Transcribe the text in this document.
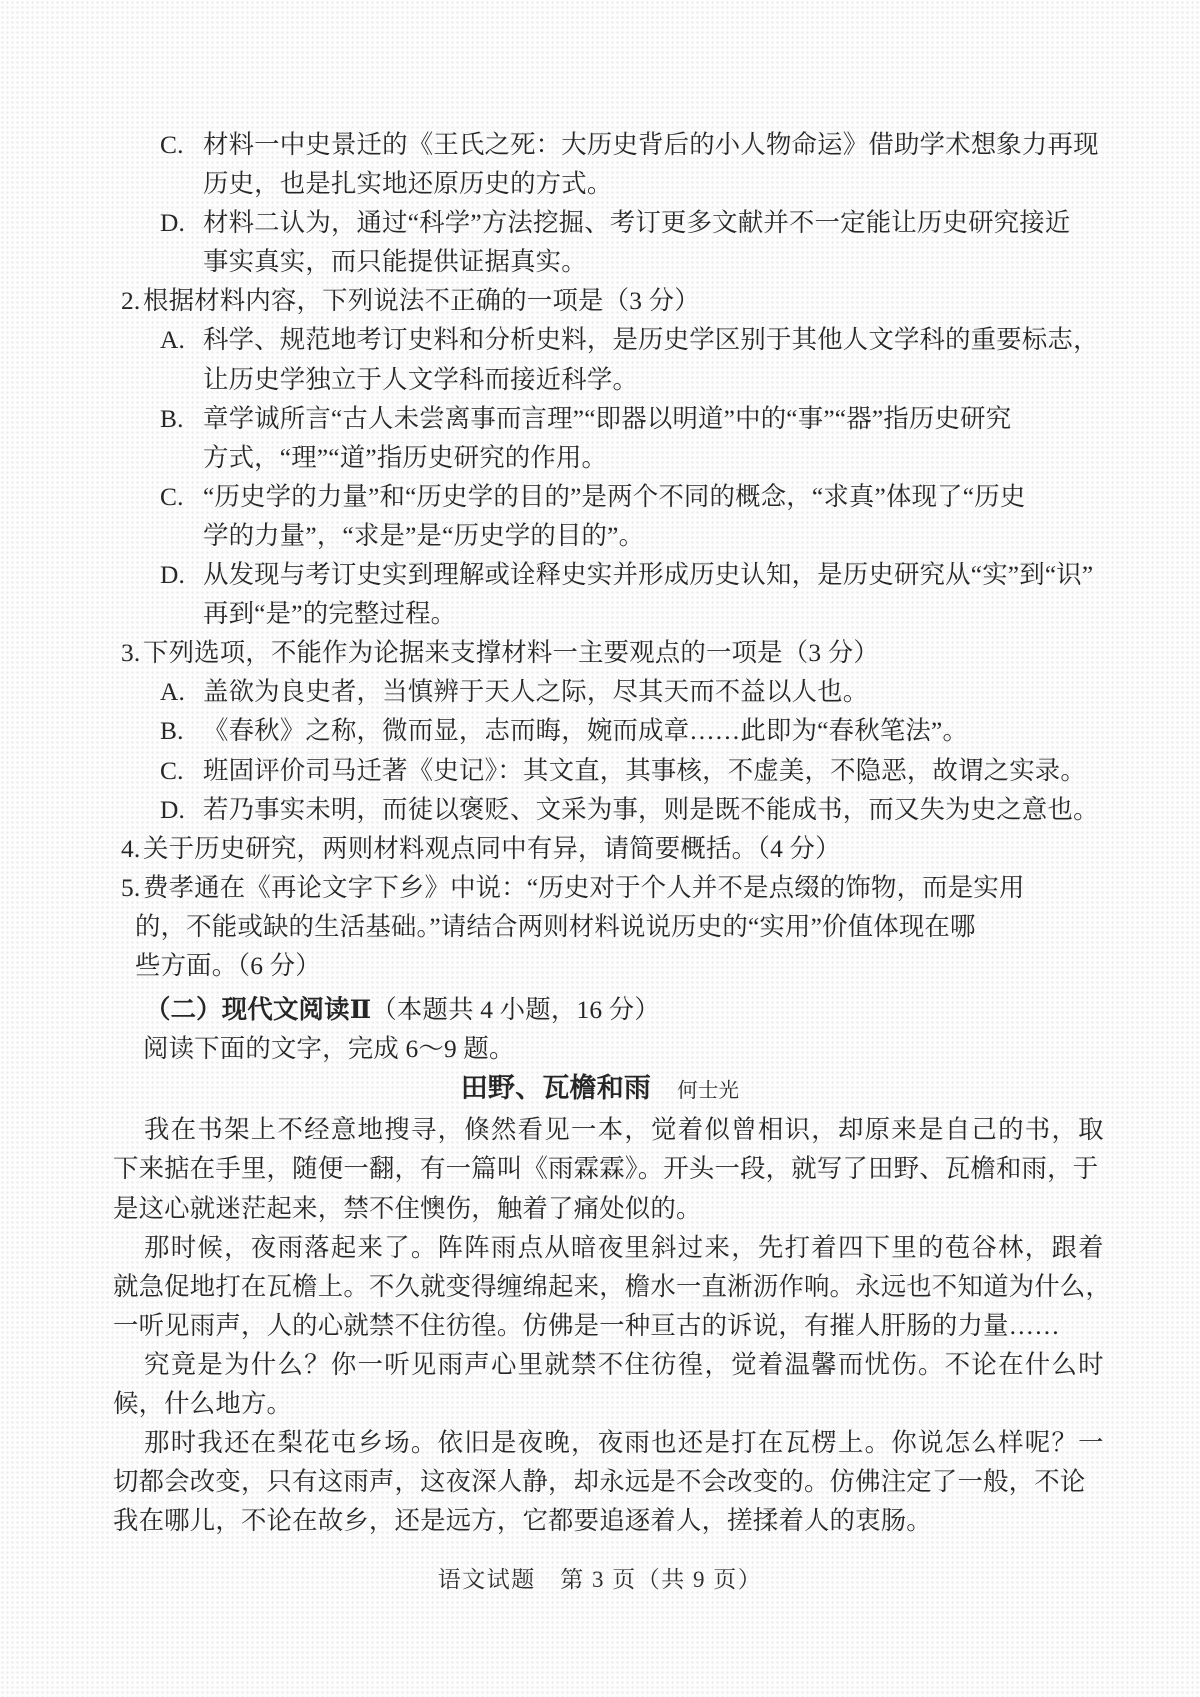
C. 材料一中史景迁的《王氏之死：大历史背后的小人物命运》借助学术想象力再现
历史，也是扎实地还原历史的方式。
D. 材料二认为，通过“科学”方法挖掘、考订更多文献并不一定能让历史研究接近
事实真实，而只能提供证据真实。
2. 根据材料内容，下列说法不正确的一项是（3 分）
A. 科学、规范地考订史料和分析史料，是历史学区别于其他人文学科的重要标志，
让历史学独立于人文学科而接近科学。
B. 章学诚所言“古人未尝离事而言理”“即器以明道”中的“事”“器”指历史研究
方式，“理”“道”指历史研究的作用。
C. “历史学的力量”和“历史学的目的”是两个不同的概念，“求真”体现了“历史
学的力量”，“求是”是“历史学的目的”。
D. 从发现与考订史实到理解或诠释史实并形成历史认知，是历史研究从“实”到“识”
再到“是”的完整过程。
3. 下列选项，不能作为论据来支撑材料一主要观点的一项是（3 分）
A. 盖欲为良史者，当慎辨于天人之际，尽其天而不益以人也。
B. 《春秋》之称，微而显，志而晦，婉而成章……此即为“春秋笔法”。
C. 班固评价司马迁著《史记》：其文直，其事核，不虚美，不隐恶，故谓之实录。
D. 若乃事实未明，而徒以褒贬、文采为事，则是既不能成书，而又失为史之意也。
4. 关于历史研究，两则材料观点同中有异，请简要概括。（4 分）
5. 费孝通在《再论文字下乡》中说：“历史对于个人并不是点缀的饰物，而是实用
的，不能或缺的生活基础。”请结合两则材料说说历史的“实用”价值体现在哪
些方面。（6 分）
（二）现代文阅读Ⅱ（本题共 4 小题，16 分）
阅读下面的文字，完成 6～9 题。
田野、瓦檐和雨 何士光
我在书架上不经意地搜寻，倏然看见一本，觉着似曾相识，却原来是自己的书，取
下来掂在手里，随便一翻，有一篇叫《雨霖霖》。开头一段，就写了田野、瓦檐和雨，于
是这心就迷茫起来，禁不住懊伤，触着了痛处似的。
那时候，夜雨落起来了。阵阵雨点从暗夜里斜过来，先打着四下里的苞谷林，跟着
就急促地打在瓦檐上。不久就变得缠绵起来，檐水一直淅沥作响。永远也不知道为什么，
一听见雨声，人的心就禁不住彷徨。仿佛是一种亘古的诉说，有摧人肝肠的力量……
究竟是为什么？你一听见雨声心里就禁不住彷徨，觉着温馨而忧伤。不论在什么时
候，什么地方。
那时我还在梨花屯乡场。依旧是夜晚，夜雨也还是打在瓦楞上。你说怎么样呢？一
切都会改变，只有这雨声，这夜深人静，却永远是不会改变的。仿佛注定了一般，不论
我在哪儿，不论在故乡，还是远方，它都要追逐着人，搓揉着人的衷肠。
语文试题　第 3 页（共 9 页）
